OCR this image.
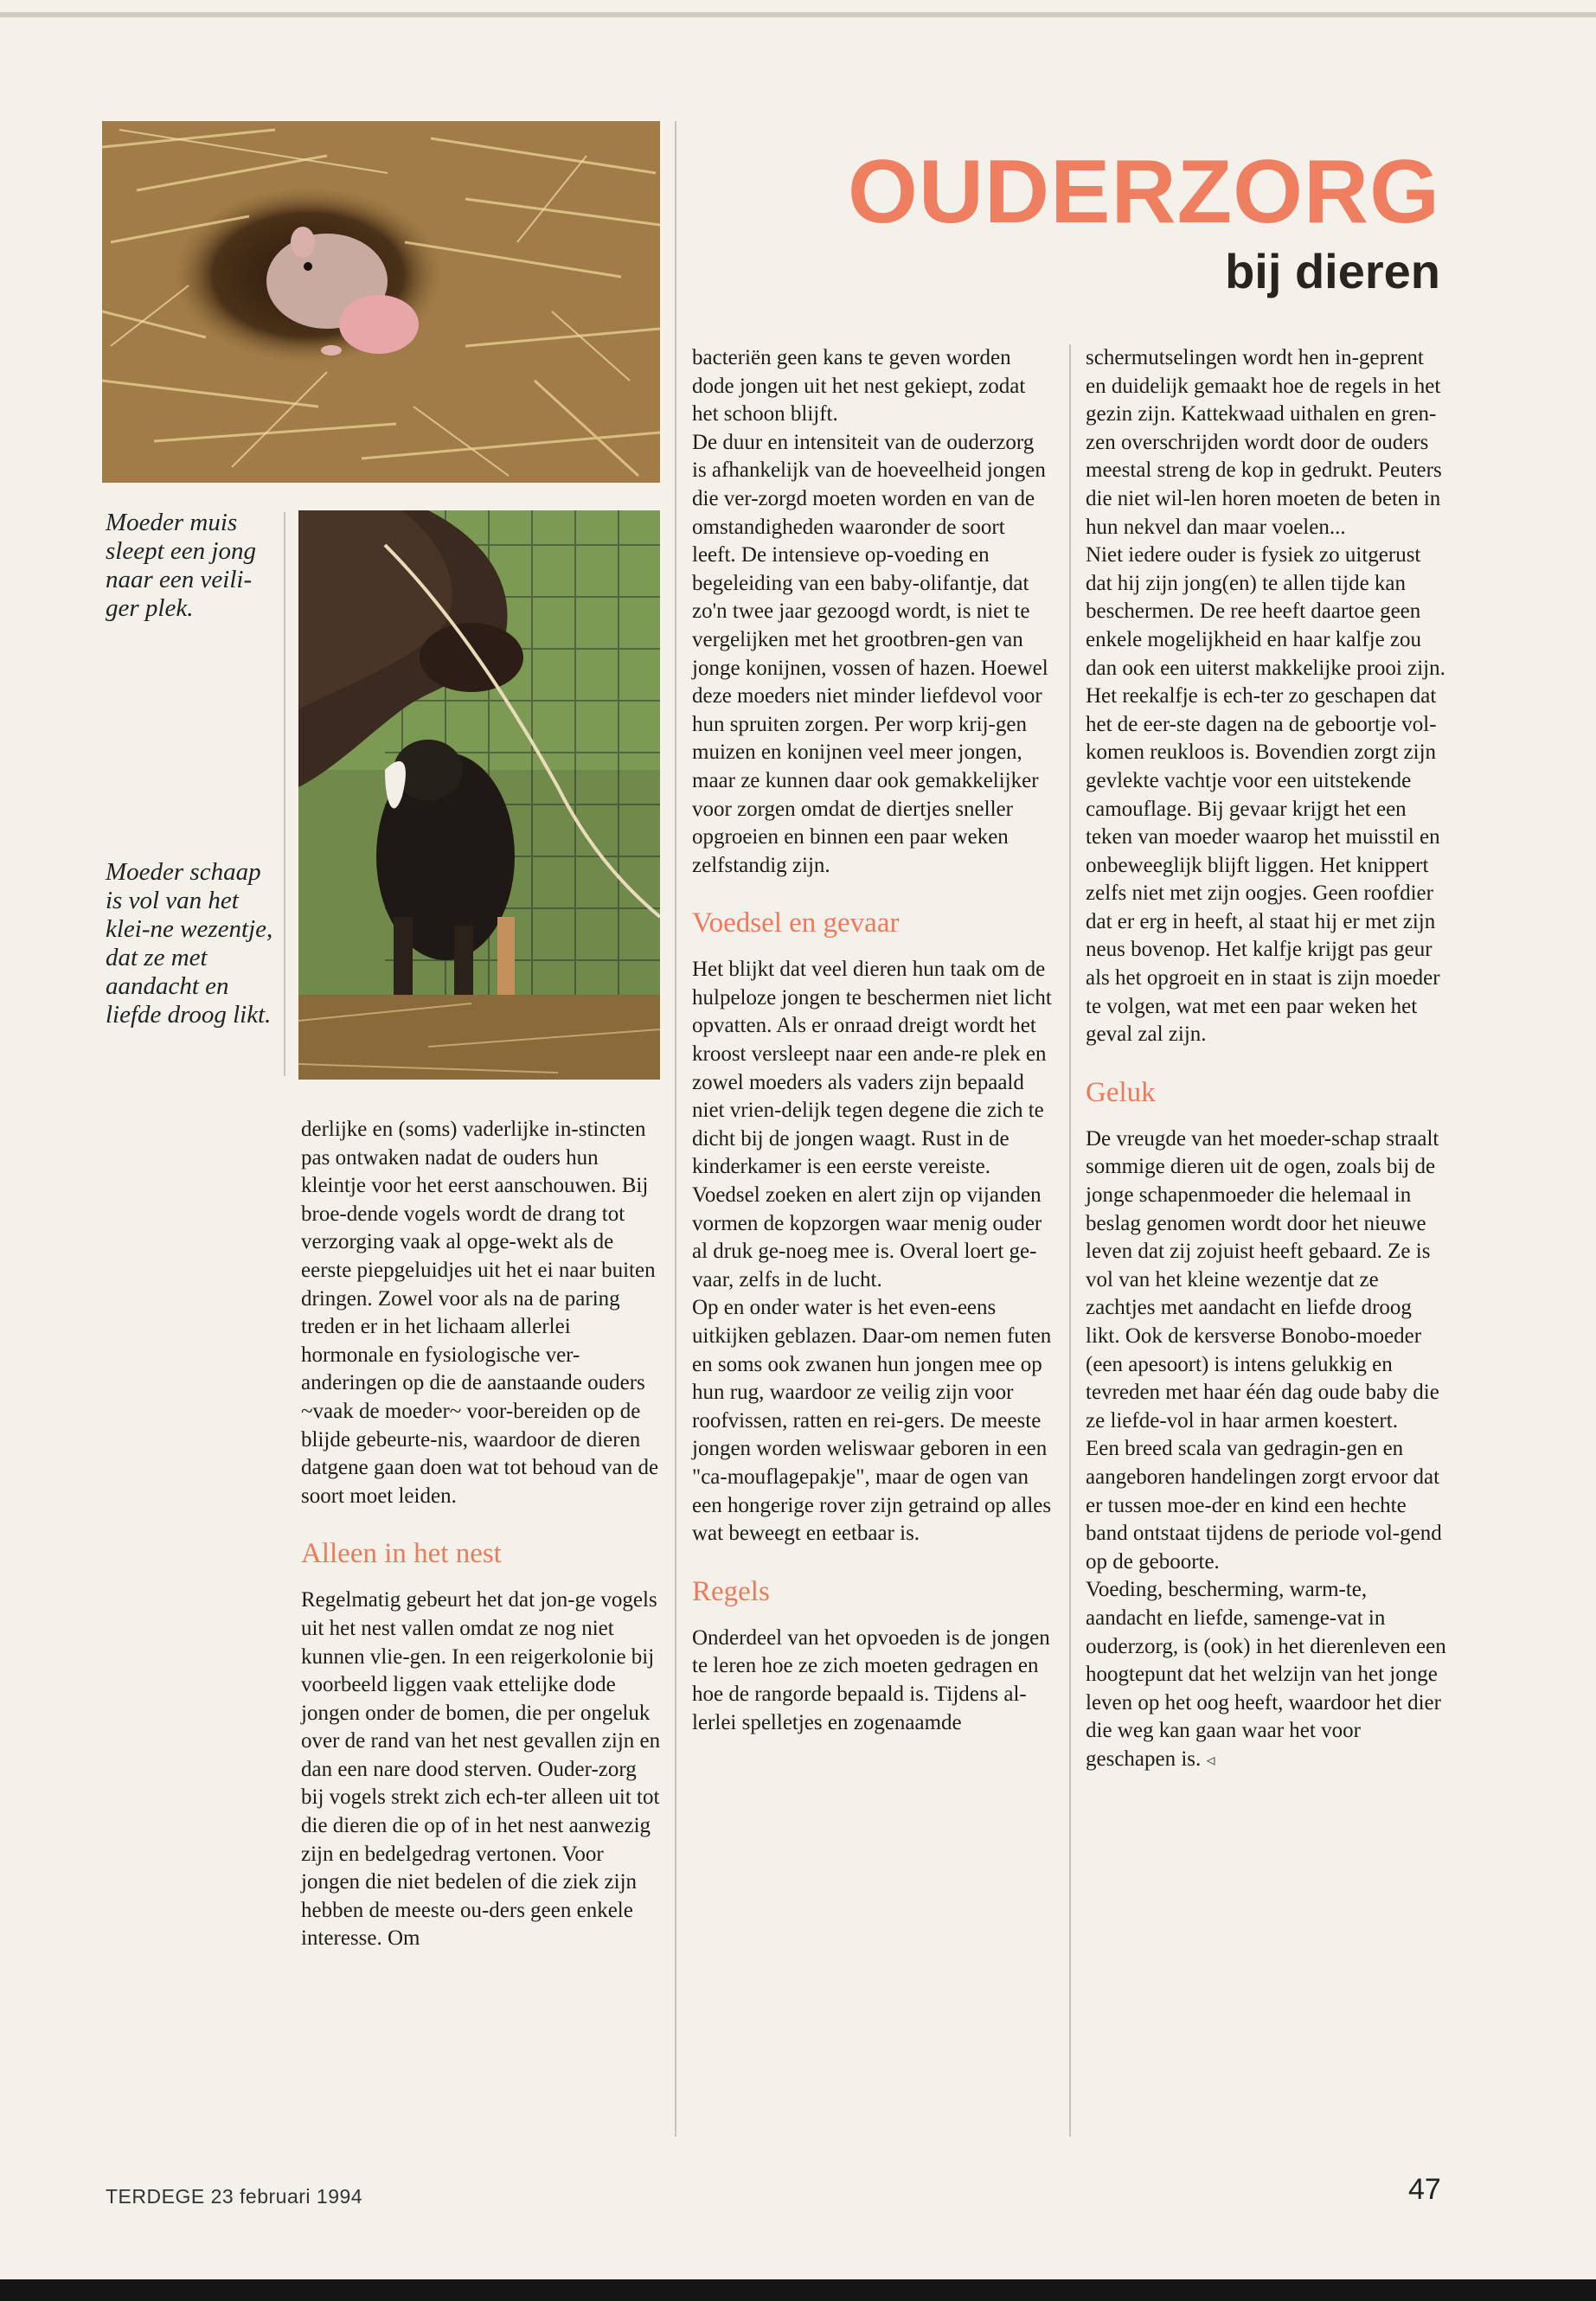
Moeder muis sleept een jong naar een veili-ger plek.
Moeder schaap is vol van het klei-ne wezentje, dat ze met aandacht en liefde droog likt.
OUDERZORG
bij dieren

derlijke en (soms) vaderlijke in-stincten pas ontwaken nadat de ouders hun kleintje voor het eerst aanschouwen. Bij broe-dende vogels wordt de drang tot verzorging vaak al opge-wekt als de eerste piepgeluidjes uit het ei naar buiten dringen. Zowel voor als na de paring treden er in het lichaam allerlei hormonale en fysiologische ver-anderingen op die de aanstaande ouders ~vaak de moeder~ voor-bereiden op de blijde gebeurte-nis, waardoor de dieren datgene gaan doen wat tot behoud van de soort moet leiden.

Alleen in het nest

Regelmatig gebeurt het dat jon-ge vogels uit het nest vallen omdat ze nog niet kunnen vlie-gen. In een reigerkolonie bij voorbeeld liggen vaak ettelijke dode jongen onder de bomen, die per ongeluk over de rand van het nest gevallen zijn en dan een nare dood sterven. Ouder-zorg bij vogels strekt zich ech-ter alleen uit tot die dieren die op of in het nest aanwezig zijn en bedelgedrag vertonen. Voor jongen die niet bedelen of die ziek zijn hebben de meeste ou-ders geen enkele interesse. Om

bacteriën geen kans te geven worden dode jongen uit het nest gekiept, zodat het schoon blijft.

De duur en intensiteit van de ouderzorg is afhankelijk van de hoeveelheid jongen die ver-zorgd moeten worden en van de omstandigheden waaronder de soort leeft. De intensieve op-voeding en begeleiding van een baby-olifantje, dat zo'n twee jaar gezoogd wordt, is niet te vergelijken met het grootbren-gen van jonge konijnen, vossen of hazen. Hoewel deze moeders niet minder liefdevol voor hun spruiten zorgen. Per worp krij-gen muizen en konijnen veel meer jongen, maar ze kunnen daar ook gemakkelijker voor zorgen omdat de diertjes sneller opgroeien en binnen een paar weken zelfstandig zijn.

Voedsel en gevaar

Het blijkt dat veel dieren hun taak om de hulpeloze jongen te beschermen niet licht opvatten. Als er onraad dreigt wordt het kroost versleept naar een ande-re plek en zowel moeders als vaders zijn bepaald niet vrien-delijk tegen degene die zich te dicht bij de jongen waagt. Rust in de kinderkamer is een eerste vereiste.

Voedsel zoeken en alert zijn op vijanden vormen de kopzorgen waar menig ouder al druk ge-noeg mee is. Overal loert ge-vaar, zelfs in de lucht.

Op en onder water is het even-eens uitkijken geblazen. Daar-om nemen futen en soms ook zwanen hun jongen mee op hun rug, waardoor ze veilig zijn voor roofvissen, ratten en rei-gers. De meeste jongen worden weliswaar geboren in een "ca-mouflagepakje", maar de ogen van een hongerige rover zijn getraind op alles wat beweegt en eetbaar is.

Regels

Onderdeel van het opvoeden is de jongen te leren hoe ze zich moeten gedragen en hoe de rangorde bepaald is. Tijdens al-lerlei spelletjes en zogenaamde

schermutselingen wordt hen in-geprent en duidelijk gemaakt hoe de regels in het gezin zijn. Kattekwaad uithalen en gren-zen overschrijden wordt door de ouders meestal streng de kop in gedrukt. Peuters die niet wil-len horen moeten de beten in hun nekvel dan maar voelen...

Niet iedere ouder is fysiek zo uitgerust dat hij zijn jong(en) te allen tijde kan beschermen. De ree heeft daartoe geen enkele mogelijkheid en haar kalfje zou dan ook een uiterst makkelijke prooi zijn. Het reekalfje is ech-ter zo geschapen dat het de eer-ste dagen na de geboortje vol-komen reukloos is. Bovendien zorgt zijn gevlekte vachtje voor een uitstekende camouflage. Bij gevaar krijgt het een teken van moeder waarop het muisstil en onbeweeglijk blijft liggen. Het knippert zelfs niet met zijn oogjes. Geen roofdier dat er erg in heeft, al staat hij er met zijn neus bovenop. Het kalfje krijgt pas geur als het opgroeit en in staat is zijn moeder te volgen, wat met een paar weken het geval zal zijn.

Geluk

De vreugde van het moeder-schap straalt sommige dieren uit de ogen, zoals bij de jonge schapenmoeder die helemaal in beslag genomen wordt door het nieuwe leven dat zij zojuist heeft gebaard. Ze is vol van het kleine wezentje dat ze zachtjes met aandacht en liefde droog likt. Ook de kersverse Bonobo-moeder (een apesoort) is intens gelukkig en tevreden met haar één dag oude baby die ze liefde-vol in haar armen koestert.

Een breed scala van gedragin-gen en aangeboren handelingen zorgt ervoor dat er tussen moe-der en kind een hechte band ontstaat tijdens de periode vol-gend op de geboorte.

Voeding, bescherming, warm-te, aandacht en liefde, samenge-vat in ouderzorg, is (ook) in het dierenleven een hoogtepunt dat het welzijn van het jonge leven op het oog heeft, waardoor het dier die weg kan gaan waar het voor geschapen is. ◃

TERDEGE 23 februari 1994	47
